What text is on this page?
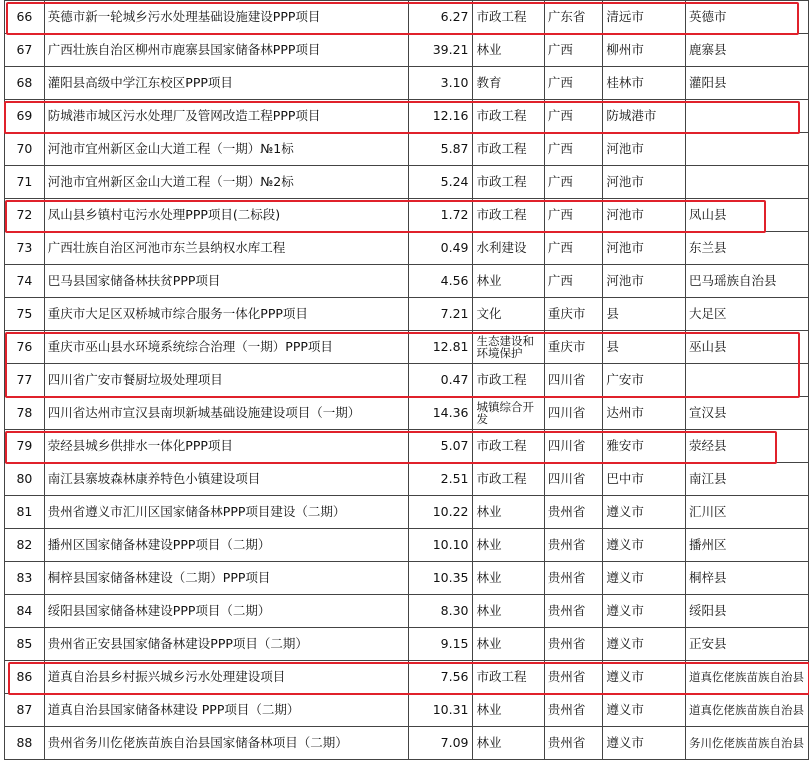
66	英德市新一轮城乡污水处理基础设施建设PPP项目	6.27	市政工程	广东省	清远市	英德市
67	广西壮族自治区柳州市鹿寨县国家储备林PPP项目	39.21	林业	广西	柳州市	鹿寨县
68	灌阳县高级中学江东校区PPP项目	3.10	教育	广西	桂林市	灌阳县
69	防城港市城区污水处理厂及管网改造工程PPP项目	12.16	市政工程	广西	防城港市	
70	河池市宜州新区金山大道工程（一期）№1标	5.87	市政工程	广西	河池市	
71	河池市宜州新区金山大道工程（一期）№2标	5.24	市政工程	广西	河池市	
72	凤山县乡镇村屯污水处理PPP项目(二标段)	1.72	市政工程	广西	河池市	凤山县
73	广西壮族自治区河池市东兰县纳权水库工程	0.49	水利建设	广西	河池市	东兰县
74	巴马县国家储备林扶贫PPP项目	4.56	林业	广西	河池市	巴马瑶族自治县
75	重庆市大足区双桥城市综合服务一体化PPP项目	7.21	文化	重庆市	县	大足区
76	重庆市巫山县水环境系统综合治理（一期）PPP项目	12.81	生态建设和环境保护	重庆市	县	巫山县
77	四川省广安市餐厨垃圾处理项目	0.47	市政工程	四川省	广安市	
78	四川省达州市宣汉县南坝新城基础设施建设项目（一期）	14.36	城镇综合开发	四川省	达州市	宣汉县
79	荥经县城乡供排水一体化PPP项目	5.07	市政工程	四川省	雅安市	荥经县
80	南江县寨坡森林康养特色小镇建设项目	2.51	市政工程	四川省	巴中市	南江县
81	贵州省遵义市汇川区国家储备林PPP项目建设（二期）	10.22	林业	贵州省	遵义市	汇川区
82	播州区国家储备林建设PPP项目（二期）	10.10	林业	贵州省	遵义市	播州区
83	桐梓县国家储备林建设（二期）PPP项目	10.35	林业	贵州省	遵义市	桐梓县
84	绥阳县国家储备林建设PPP项目（二期）	8.30	林业	贵州省	遵义市	绥阳县
85	贵州省正安县国家储备林建设PPP项目（二期）	9.15	林业	贵州省	遵义市	正安县
86	道真自治县乡村振兴城乡污水处理建设项目	7.56	市政工程	贵州省	遵义市	道真仡佬族苗族自治县
87	道真自治县国家储备林建设 PPP项目（二期）	10.31	林业	贵州省	遵义市	道真仡佬族苗族自治县
88	贵州省务川仡佬族苗族自治县国家储备林项目（二期）	7.09	林业	贵州省	遵义市	务川仡佬族苗族自治县
